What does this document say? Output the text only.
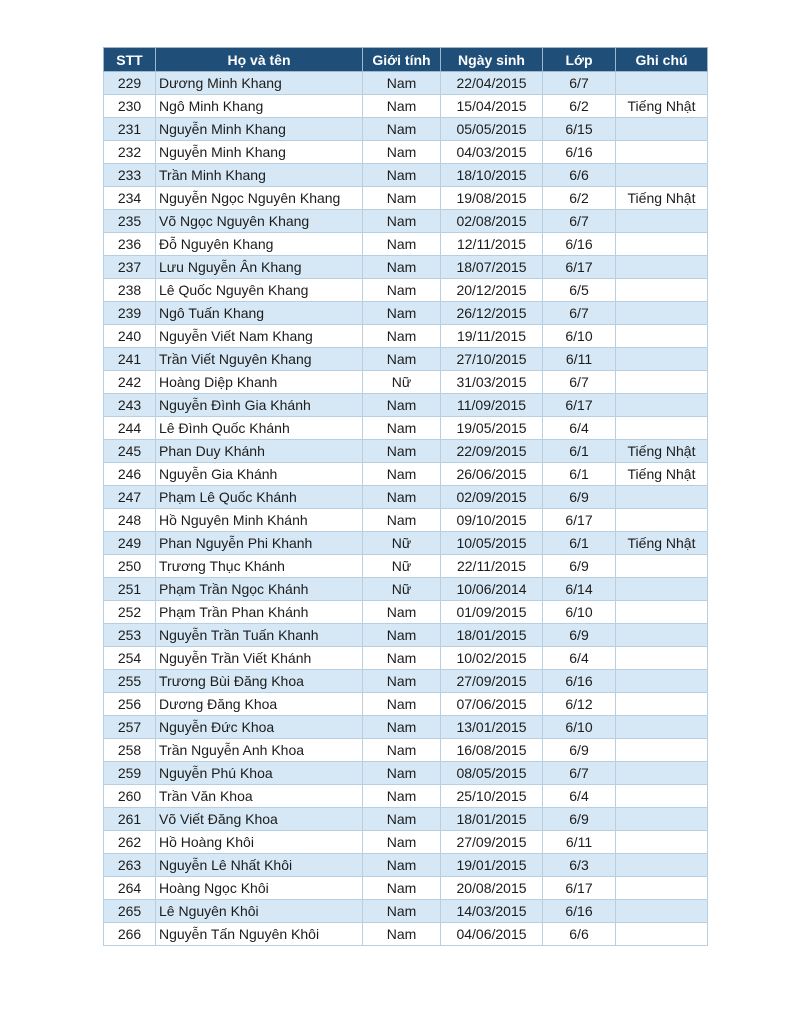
STT	Họ và tên	Giới tính	Ngày sinh	Lớp	Ghi chú
229	Dương Minh Khang	Nam	22/04/2015	6/7	
230	Ngô Minh Khang	Nam	15/04/2015	6/2	Tiếng Nhật
231	Nguyễn Minh Khang	Nam	05/05/2015	6/15	
232	Nguyễn Minh Khang	Nam	04/03/2015	6/16	
233	Trần Minh Khang	Nam	18/10/2015	6/6	
234	Nguyễn Ngọc Nguyên Khang	Nam	19/08/2015	6/2	Tiếng Nhật
235	Võ Ngọc Nguyên Khang	Nam	02/08/2015	6/7	
236	Đỗ Nguyên Khang	Nam	12/11/2015	6/16	
237	Lưu Nguyễn Ân Khang	Nam	18/07/2015	6/17	
238	Lê Quốc Nguyên Khang	Nam	20/12/2015	6/5	
239	Ngô Tuấn Khang	Nam	26/12/2015	6/7	
240	Nguyễn Viết Nam Khang	Nam	19/11/2015	6/10	
241	Trần Viết Nguyên Khang	Nam	27/10/2015	6/11	
242	Hoàng Diệp Khanh	Nữ	31/03/2015	6/7	
243	Nguyễn Đình Gia Khánh	Nam	11/09/2015	6/17	
244	Lê Đình Quốc Khánh	Nam	19/05/2015	6/4	
245	Phan Duy Khánh	Nam	22/09/2015	6/1	Tiếng Nhật
246	Nguyễn Gia Khánh	Nam	26/06/2015	6/1	Tiếng Nhật
247	Phạm Lê Quốc Khánh	Nam	02/09/2015	6/9	
248	Hồ Nguyên Minh Khánh	Nam	09/10/2015	6/17	
249	Phan Nguyễn Phi Khanh	Nữ	10/05/2015	6/1	Tiếng Nhật
250	Trương Thục Khánh	Nữ	22/11/2015	6/9	
251	Phạm Trần Ngọc Khánh	Nữ	10/06/2014	6/14	
252	Phạm Trần Phan Khánh	Nam	01/09/2015	6/10	
253	Nguyễn Trần Tuấn Khanh	Nam	18/01/2015	6/9	
254	Nguyễn Trần Viết Khánh	Nam	10/02/2015	6/4	
255	Trương Bùi Đăng Khoa	Nam	27/09/2015	6/16	
256	Dương Đăng Khoa	Nam	07/06/2015	6/12	
257	Nguyễn Đức Khoa	Nam	13/01/2015	6/10	
258	Trần Nguyễn Anh Khoa	Nam	16/08/2015	6/9	
259	Nguyễn Phú Khoa	Nam	08/05/2015	6/7	
260	Trần Văn Khoa	Nam	25/10/2015	6/4	
261	Võ Viết Đăng Khoa	Nam	18/01/2015	6/9	
262	Hồ Hoàng Khôi	Nam	27/09/2015	6/11	
263	Nguyễn Lê Nhất Khôi	Nam	19/01/2015	6/3	
264	Hoàng Ngọc Khôi	Nam	20/08/2015	6/17	
265	Lê Nguyên Khôi	Nam	14/03/2015	6/16	
266	Nguyễn Tấn Nguyên Khôi	Nam	04/06/2015	6/6	
